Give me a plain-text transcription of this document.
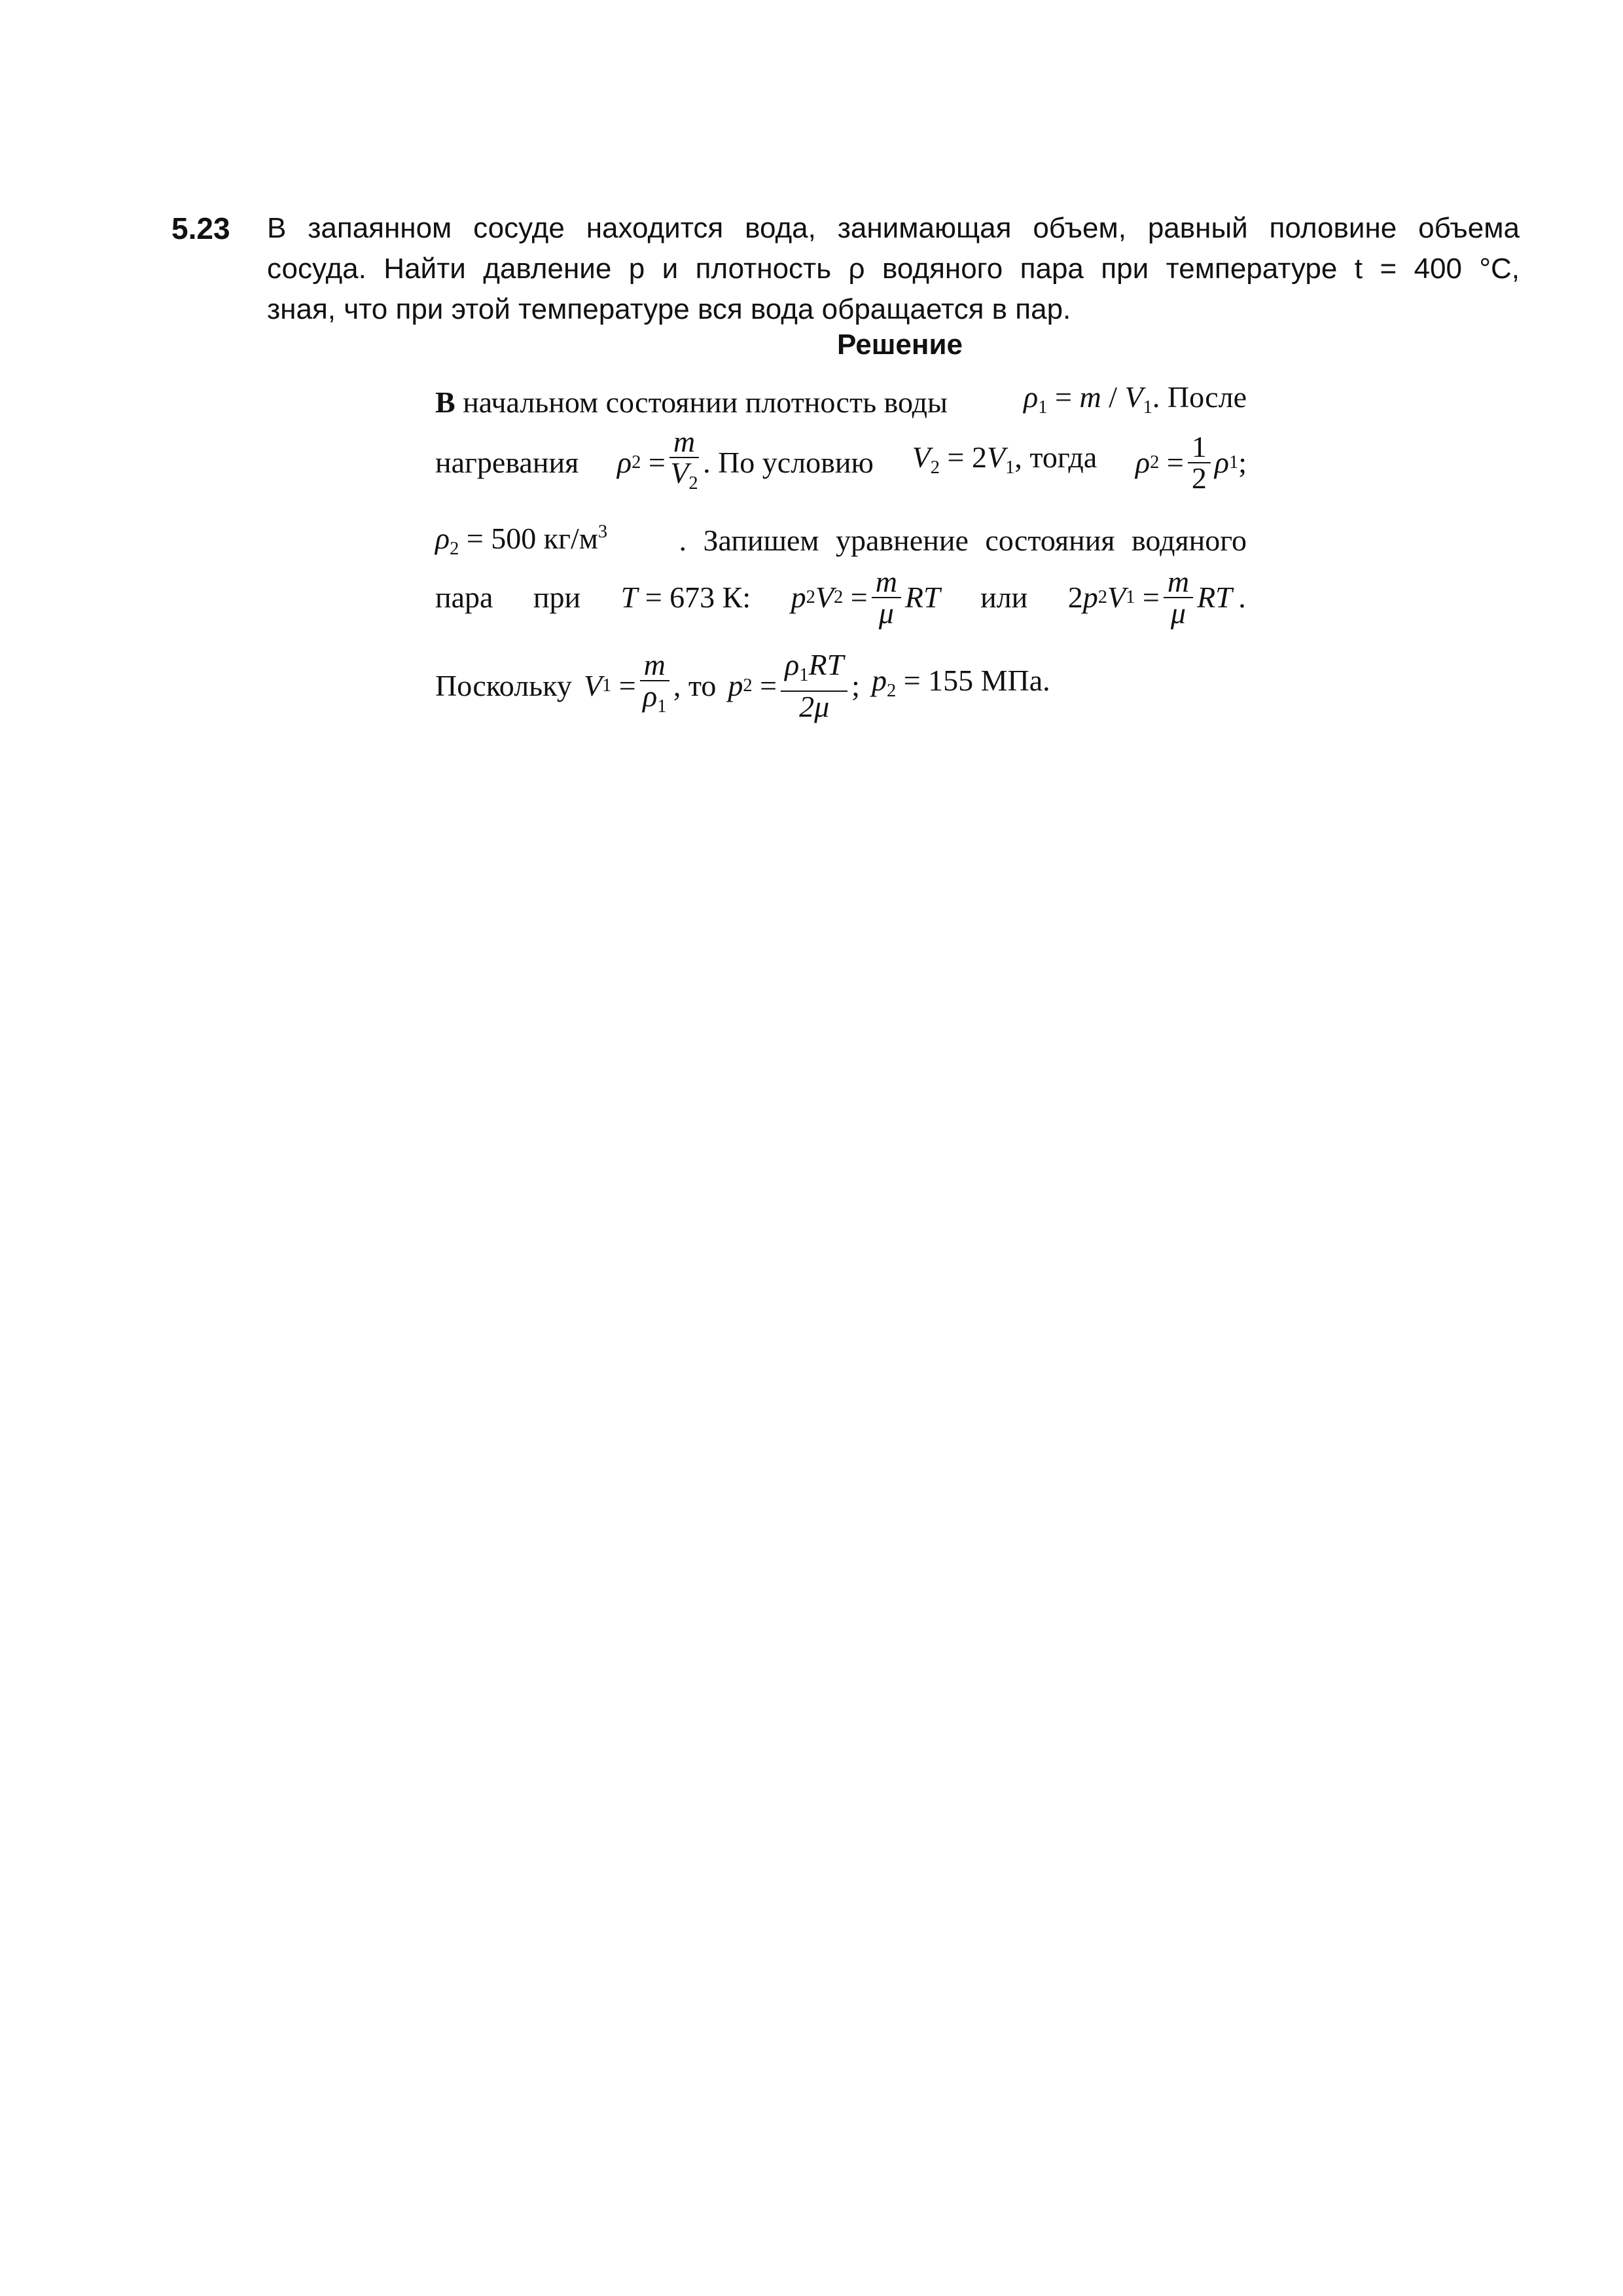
5.23 В запаянном сосуде находится вода, занимающая объем, равный половине объема
сосуда. Найти давление p и плотность ρ водяного пара при температуре t = 400 °C,
зная, что при этой температуре вся вода обращается в пар.
Решение
В начальном состоянии плотность воды	$\rho_1 = m / V_1$. После
нагревания ρ $2 = \frac{m}{V_2}$ . По условию $V_2 = 2V_1$, тогда ρ $2 = \frac{1}{2}$ ρ 1 ;
$\rho_2 = 500$ $кг/м^3$ . Запишем уравнение состояния водяного
пара при T = 673 К: p 2 V $2 = \frac{m}{\mu}$ RT или 2 p 2 V $1 = \frac{m}{\mu}$ RT .
Поскольку V $1 = \frac{m}{\rho_1}$ , то p $2 = \frac{\rho_1RT}{2\mu}$ ; $p_2 = 155$ МПа.
